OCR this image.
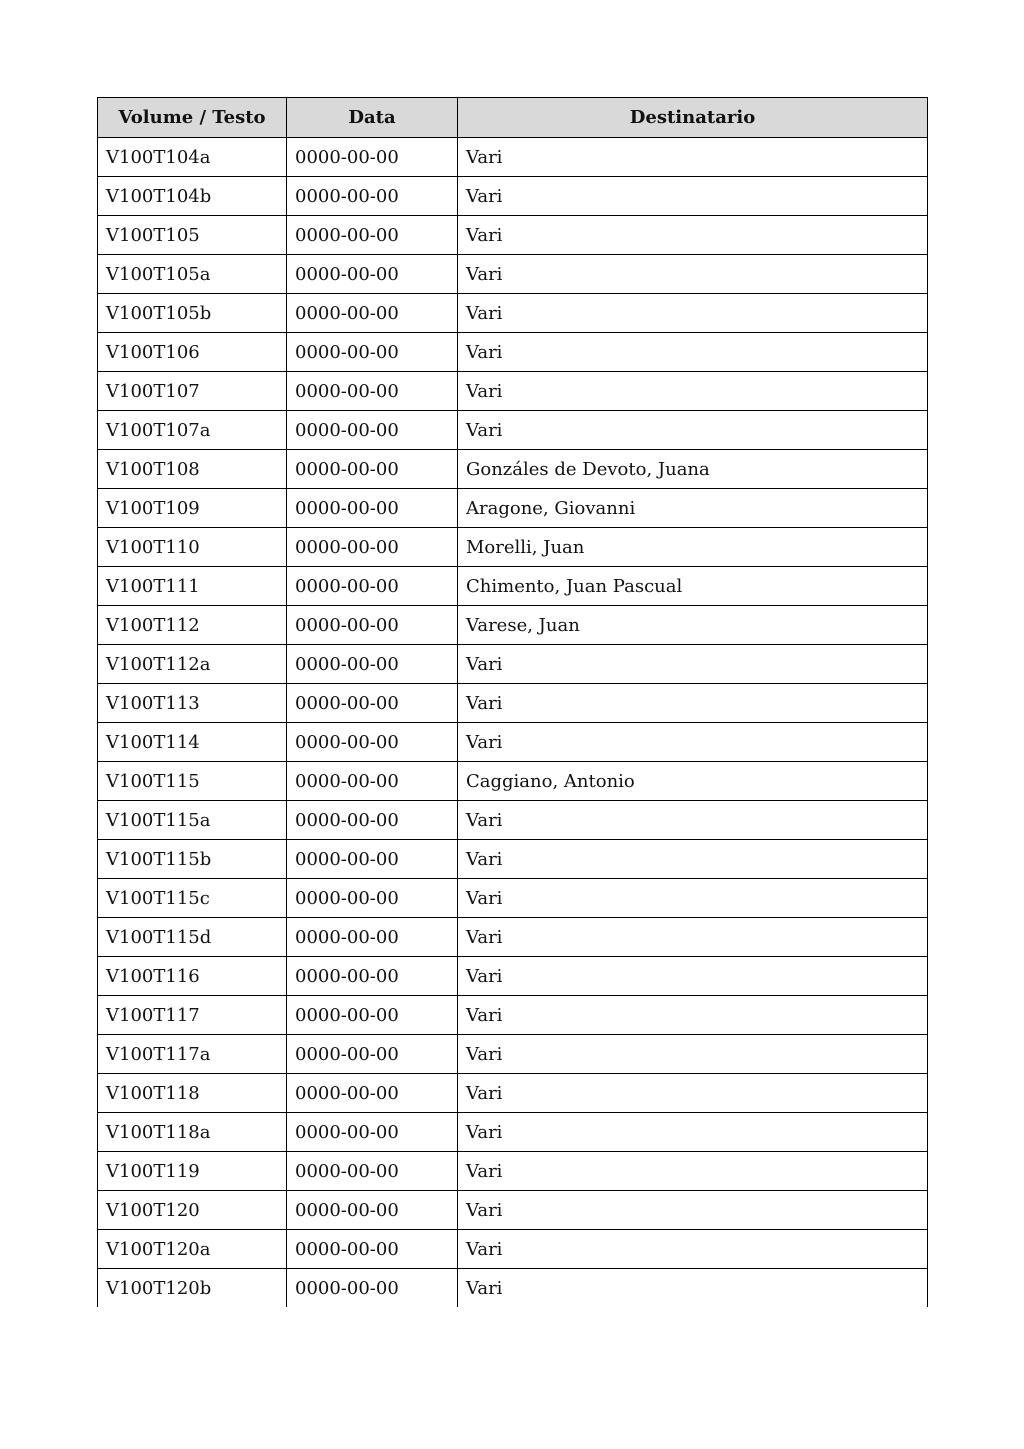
Volume / Testo	Data	Destinatario
V100T104a	0000-00-00	Vari
V100T104b	0000-00-00	Vari
V100T105	0000-00-00	Vari
V100T105a	0000-00-00	Vari
V100T105b	0000-00-00	Vari
V100T106	0000-00-00	Vari
V100T107	0000-00-00	Vari
V100T107a	0000-00-00	Vari
V100T108	0000-00-00	Gonzáles de Devoto, Juana
V100T109	0000-00-00	Aragone, Giovanni
V100T110	0000-00-00	Morelli, Juan
V100T111	0000-00-00	Chimento, Juan Pascual
V100T112	0000-00-00	Varese, Juan
V100T112a	0000-00-00	Vari
V100T113	0000-00-00	Vari
V100T114	0000-00-00	Vari
V100T115	0000-00-00	Caggiano, Antonio
V100T115a	0000-00-00	Vari
V100T115b	0000-00-00	Vari
V100T115c	0000-00-00	Vari
V100T115d	0000-00-00	Vari
V100T116	0000-00-00	Vari
V100T117	0000-00-00	Vari
V100T117a	0000-00-00	Vari
V100T118	0000-00-00	Vari
V100T118a	0000-00-00	Vari
V100T119	0000-00-00	Vari
V100T120	0000-00-00	Vari
V100T120a	0000-00-00	Vari
V100T120b	0000-00-00	Vari
